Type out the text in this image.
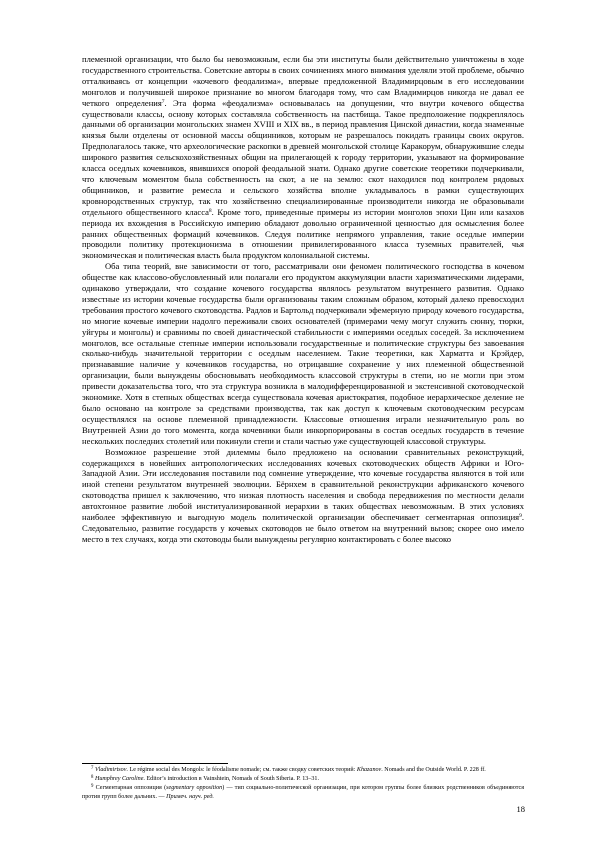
племенной организации, что было бы невозможным, если бы эти институты были действительно уничтожены в ходе государственного строительства. Советские авторы в своих сочинениях много внимания уделяли этой проблеме, обычно отталкиваясь от концепции «кочевого феодализма», впервые предложенной Владимирцовым в его исследовании монголов и получившей широкое признание во многом благодаря тому, что сам Владимирцов никогда не давал ее четкого определения$^7$. Эта форма «феодализма» основывалась на допущении, что внутри кочевого общества существовали классы, основу которых составляла собственность на пастбища. Такое предположение подкреплялось данными об организации монгольских знамен XVIII и XIX вв., в период правления Цинской династии, когда знаменные князья были отделены от основной массы общинников, которым не разрешалось покидать границы своих округов. Предполагалось также, что археологические раскопки в древней монгольской столице Каракорум, обнаружившие следы широкого развития сельскохозяйственных общин на прилегающей к городу территории, указывают на формирование класса оседлых кочевников, явившихся опорой феодальной знати. Однако другие советские теоретики подчеркивали, что ключевым моментом была собственность на скот, а не на землю: скот находился под контролем рядовых общинников, и развитие ремесла и сельского хозяйства вполне укладывалось в рамки существующих кровнородственных структур, так что хозяйственно специализированные производители никогда не образовывали отдельного общественного класса$^8$. Кроме того, приведенные примеры из истории монголов эпохи Цин или казахов периода их вхождения в Российскую империю обладают довольно ограниченной ценностью для осмысления более ранних общественных формаций кочевников. Следуя политике непрямого управления, такие оседлые империи проводили политику протекционизма в отношении привилегированного класса туземных правителей, чья экономическая и политическая власть была продуктом колониальной системы.

Оба типа теорий, вне зависимости от того, рассматривали они феномен политического господства в кочевом обществе как классово-обусловленный или полагали его продуктом аккумуляции власти харизматическими лидерами, одинаково утверждали, что создание кочевого государства являлось результатом внутреннего развития. Однако известные из истории кочевые государства были организованы таким сложным образом, который далеко превосходил требования простого кочевого скотоводства. Радлов и Бартольд подчеркивали эфемерную природу кочевого государства, но многие кочевые империи надолго переживали своих основателей (примерами чему могут служить сюнну, тюрки, уйгуры и монголы) и сравнимы по своей династической стабильности с империями оседлых соседей. За исключением монголов, все остальные степные империи использовали государственные и политические структуры без завоевания сколько-нибудь значительной территории с оседлым населением. Такие теоретики, как Харматта и Крэйдер, признававшие наличие у кочевников государства, но отрицавшие сохранение у них племенной общественной организации, были вынуждены обосновывать необходимость классовой структуры в степи, но не могли при этом привести доказательства того, что эта структура возникла в малодифференцированной и экстенсивной скотоводческой экономике. Хотя в степных обществах всегда существовала кочевая аристократия, подобное иерархическое деление не было основано на контроле за средствами производства, так как доступ к ключевым скотоводческим ресурсам осуществлялся на основе племенной принадлежности. Классовые отношения играли незначительную роль во Внутренней Азии до того момента, когда кочевники были инкорпорированы в состав оседлых государств в течение нескольких последних столетий или покинули степи и стали частью уже существующей классовой структуры.

Возможное разрешение этой дилеммы было предложено на основании сравнительных реконструкций, содержащихся в новейших антропологических исследованиях кочевых скотоводческих обществ Африки и Юго-Западной Азии. Эти исследования поставили под сомнение утверждение, что кочевые государства являются в той или иной степени результатом внутренней эволюции. Бёрнхем в сравнительной реконструкции африканского кочевого скотоводства пришел к заключению, что низкая плотность населения и свобода передвижения по местности делали автохтонное развитие любой институализированной иерархии в таких обществах невозможным. В этих условиях наиболее эффективную и выгодную модель политической организации обеспечивает сегментарная оппозиция$^9$. Следовательно, развитие государств у кочевых скотоводов не было ответом на внутренний вызов; скорее оно имело место в тех случаях, когда эти скотоводы были вынуждены регулярно контактировать с более высоко

$^7$ Vladimirtsov. Le régime social des Mongols: le féodalisme nomade; см. также сводку советских теорий: Khazanov. Nomads and the Outside World. P. 228 ff.

$^8$ Humphrey Caroline. Editor’s introduction в Vainshtein, Nomads of South Siberia. P. 13–31.

$^9$ Сегментарная оппозиция (segmentary opposition) — тип социально-политической организации, при котором группы более близких родственников объединяются против групп более дальних. — Примеч. науч. ред.

18
